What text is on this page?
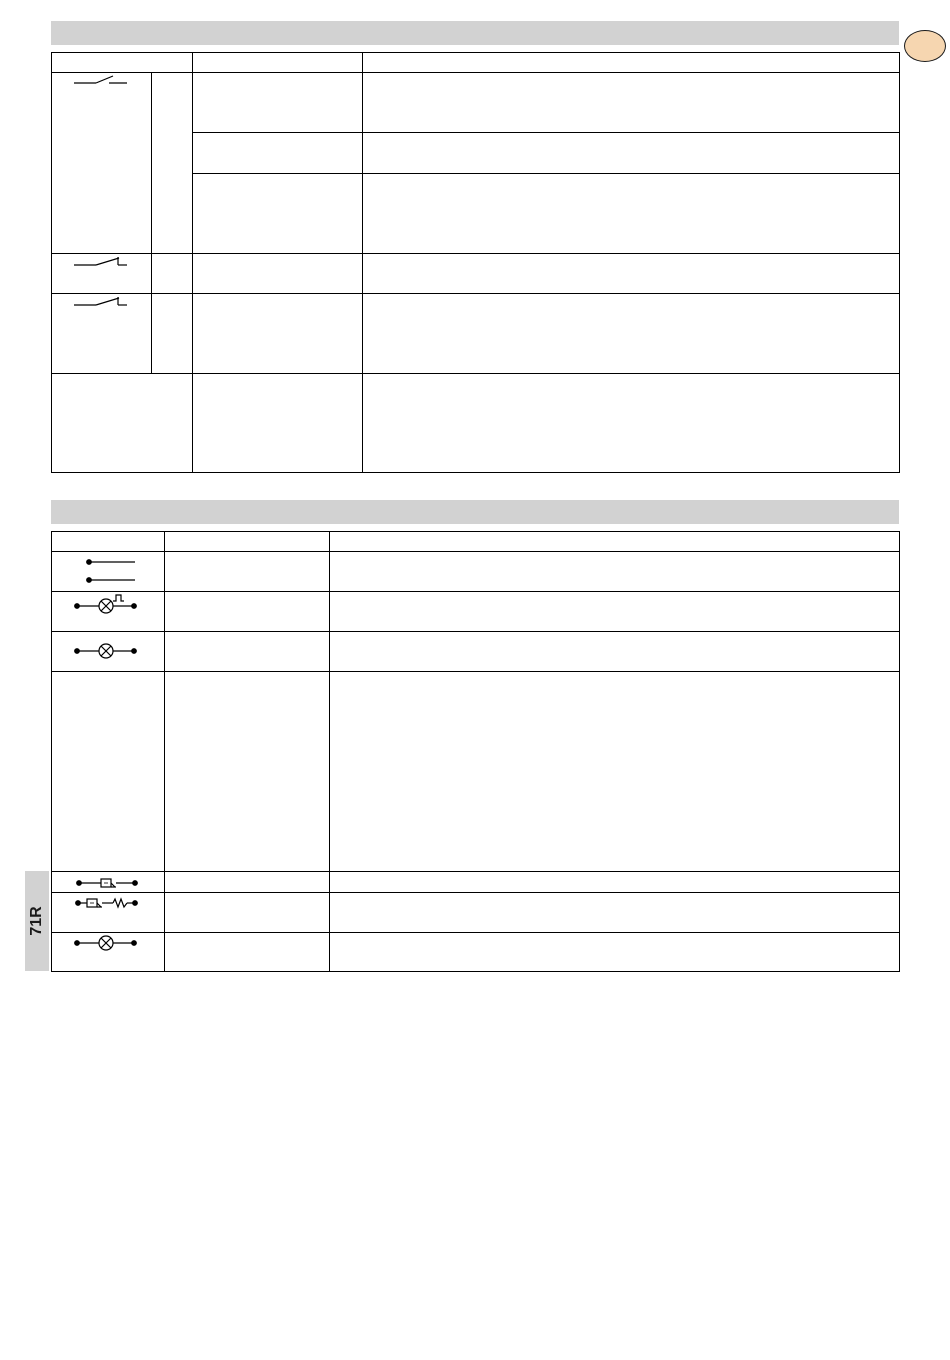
71R
